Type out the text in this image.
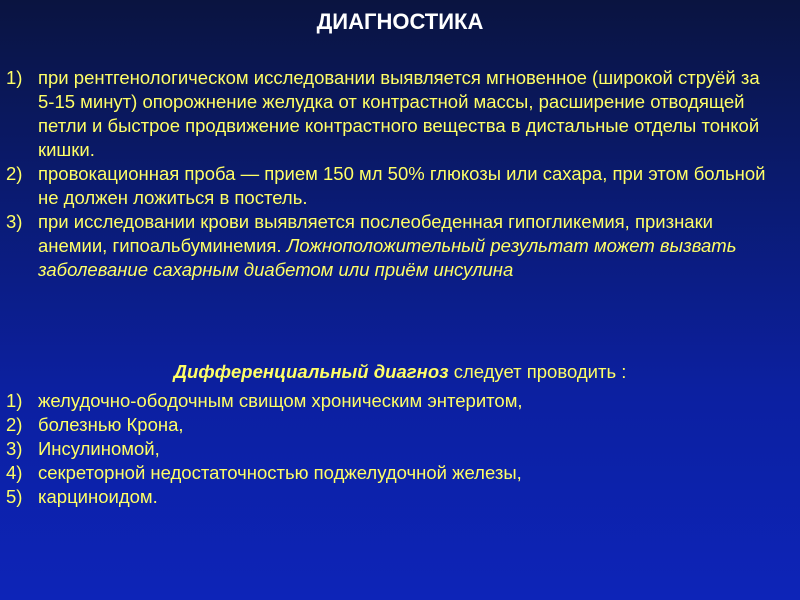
ДИАГНОСТИКА
1) при рентгенологическом исследовании выявляется мгновенное (широкой струёй за 5-15 минут) опорожнение желудка от контрастной массы, расширение отводящей петли и быстрое продвижение контрастного вещества в дистальные отделы тонкой кишки.
2) провокационная проба — прием 150 мл 50% глюкозы или сахара, при этом больной не должен ложиться в постель.
3) при исследовании крови выявляется послеобеденная гипогликемия, признаки анемии, гипоальбуминемия. Ложноположительный результат может вызвать заболевание сахарным диабетом или приём инсулина
Дифференциальный диагноз следует проводить :
1) желудочно-ободочным свищом хроническим энтеритом,
2) болезнью Крона,
3) Инсулиномой,
4) секреторной недостаточностью поджелудочной железы,
5) карциноидом.
